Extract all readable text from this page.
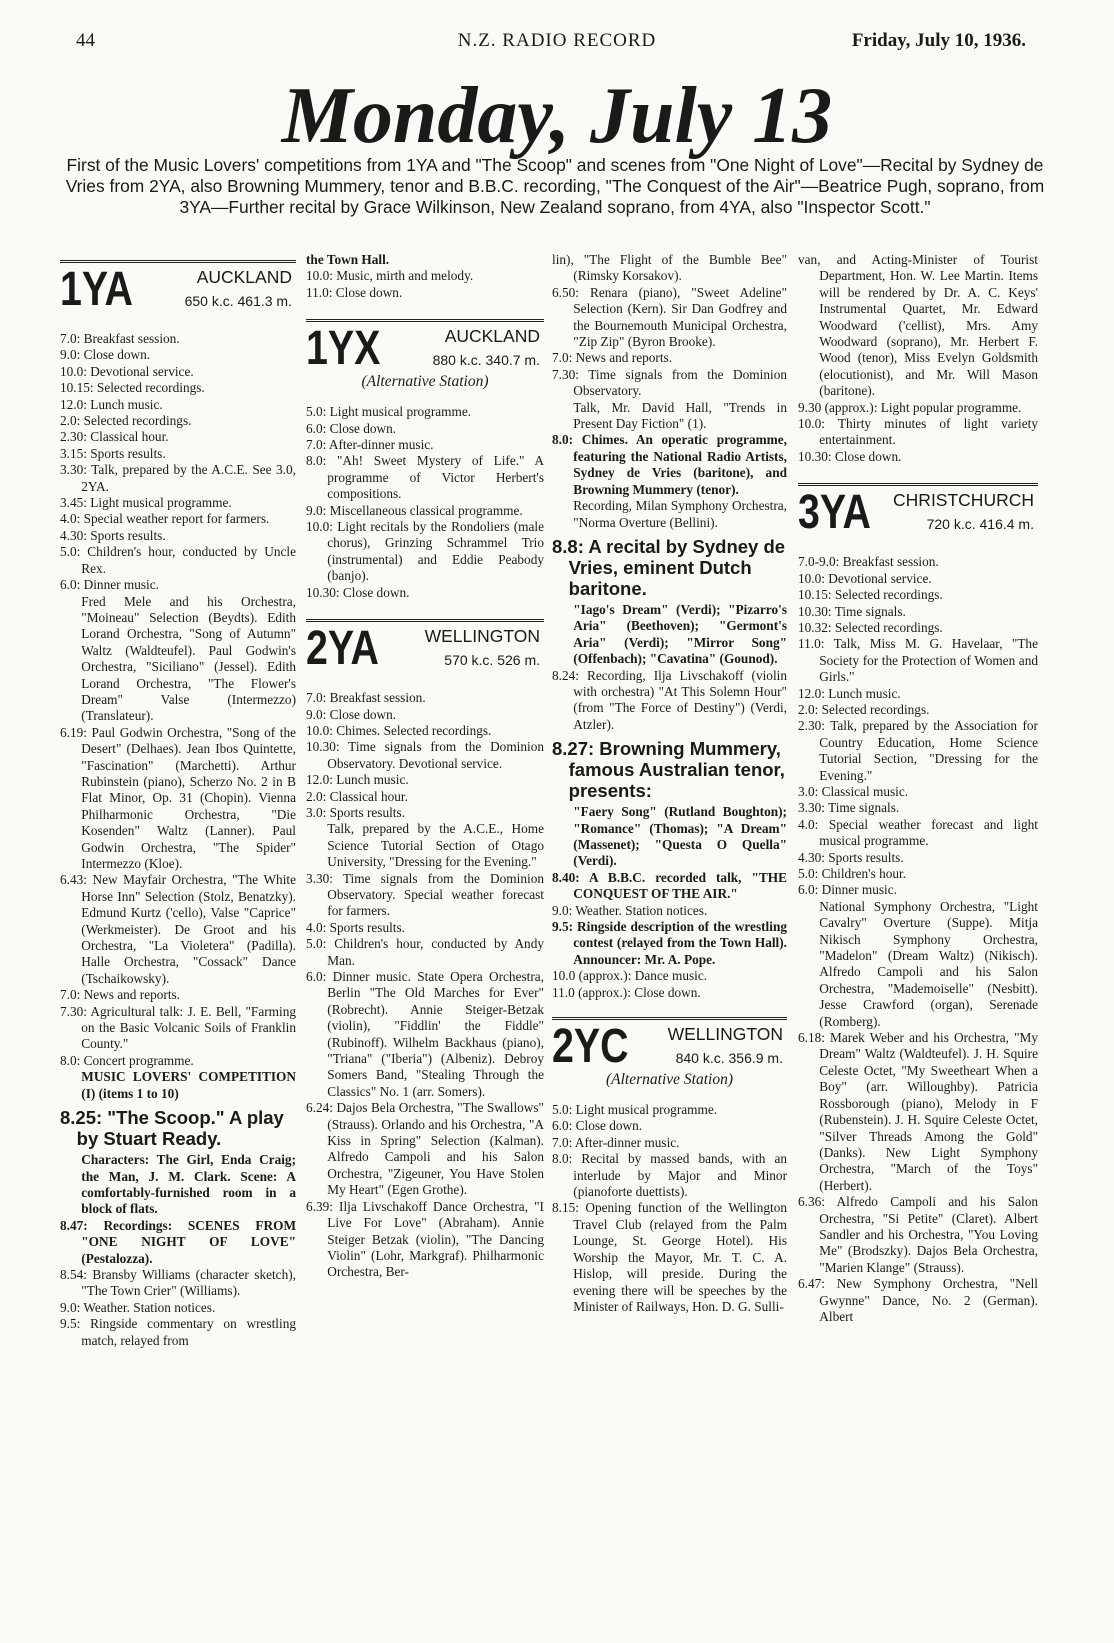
44	N.Z. RADIO RECORD	Friday, July 10, 1936.
Monday, July 13
First of the Music Lovers' competitions from 1YA and "The Scoop" and scenes from "One Night of Love"—Recital by Sydney de Vries from 2YA, also Browning Mummery, tenor and B.B.C. recording, "The Conquest of the Air"—Beatrice Pugh, soprano, from 3YA—Further recital by Grace Wilkinson, New Zealand soprano, from 4YA, also "Inspector Scott."
1YA	AUCKLAND
650 k.c. 461.3 m.

7.0: Breakfast session.

9.0: Close down.

10.0: Devotional service.

10.15: Selected recordings.

12.0: Lunch music.

2.0: Selected recordings.

2.30: Classical hour.

3.15: Sports results.

3.30: Talk, prepared by the A.C.E. See 3.0, 2YA.

3.45: Light musical programme.

4.0: Special weather report for farmers.

4.30: Sports results.

5.0: Children's hour, conducted by Uncle Rex.

6.0: Dinner music.

Fred Mele and his Orchestra, "Moineau" Selection (Beydts). Edith Lorand Orchestra, "Song of Autumn" Waltz (Waldteufel). Paul Godwin's Orchestra, "Siciliano" (Jessel). Edith Lorand Orchestra, "The Flower's Dream" Valse (Intermezzo) (Translateur).

6.19: Paul Godwin Orchestra, "Song of the Desert" (Delhaes). Jean Ibos Quintette, "Fascination" (Marchetti). Arthur Rubinstein (piano), Scherzo No. 2 in B Flat Minor, Op. 31 (Chopin). Vienna Philharmonic Orchestra, "Die Kosenden" Waltz (Lanner). Paul Godwin Orchestra, "The Spider" Intermezzo (Kloe).

6.43: New Mayfair Orchestra, "The White Horse Inn" Selection (Stolz, Benatzky). Edmund Kurtz ('cello), Valse "Caprice" (Werkmeister). De Groot and his Orchestra, "La Violetera" (Padilla). Halle Orchestra, "Cossack" Dance (Tschaikowsky).

7.0: News and reports.

7.30: Agricultural talk: J. E. Bell, "Farming on the Basic Volcanic Soils of Franklin County."

8.0: Concert programme.

MUSIC LOVERS' COMPETITION (I) (items 1 to 10)

8.25: "The Scoop." A play by Stuart Ready.

Characters: The Girl, Enda Craig; the Man, J. M. Clark. Scene: A comfortably-furnished room in a block of flats.

8.47: Recordings: SCENES FROM "ONE NIGHT OF LOVE" (Pestalozza).

8.54: Bransby Williams (character sketch), "The Town Crier" (Williams).

9.0: Weather. Station notices.

9.5: Ringside commentary on wrestling match, relayed from

the Town Hall.

10.0: Music, mirth and melody.

11.0: Close down.

1YX	AUCKLAND
880 k.c. 340.7 m.
(Alternative Station)

5.0: Light musical programme.

6.0: Close down.

7.0: After-dinner music.

8.0: "Ah! Sweet Mystery of Life." A programme of Victor Herbert's compositions.

9.0: Miscellaneous classical programme.

10.0: Light recitals by the Rondoliers (male chorus), Grinzing Schrammel Trio (instrumental) and Eddie Peabody (banjo).

10.30: Close down.

2YA	WELLINGTON
570 k.c. 526 m.

7.0: Breakfast session.

9.0: Close down.

10.0: Chimes. Selected recordings.

10.30: Time signals from the Dominion Observatory. Devotional service.

12.0: Lunch music.

2.0: Classical hour.

3.0: Sports results.

Talk, prepared by the A.C.E., Home Science Tutorial Section of Otago University, "Dressing for the Evening."

3.30: Time signals from the Dominion Observatory. Special weather forecast for farmers.

4.0: Sports results.

5.0: Children's hour, conducted by Andy Man.

6.0: Dinner music. State Opera Orchestra, Berlin "The Old Marches for Ever" (Robrecht). Annie Steiger-Betzak (violin), "Fiddlin' the Fiddle" (Rubinoff). Wilhelm Backhaus (piano), "Triana" ("Iberia") (Albeniz). Debroy Somers Band, "Stealing Through the Classics" No. 1 (arr. Somers).

6.24: Dajos Bela Orchestra, "The Swallows" (Strauss). Orlando and his Orchestra, "A Kiss in Spring" Selection (Kalman). Alfredo Campoli and his Salon Orchestra, "Zigeuner, You Have Stolen My Heart" (Egen Grothe).

6.39: Ilja Livschakoff Dance Orchestra, "I Live For Love" (Abraham). Annie Steiger Betzak (violin), "The Dancing Violin" (Lohr, Markgraf). Philharmonic Orchestra, Ber-

lin), "The Flight of the Bumble Bee" (Rimsky Korsakov).

6.50: Renara (piano), "Sweet Adeline" Selection (Kern). Sir Dan Godfrey and the Bournemouth Municipal Orchestra, "Zip Zip" (Byron Brooke).

7.0: News and reports.

7.30: Time signals from the Dominion Observatory.

Talk, Mr. David Hall, "Trends in Present Day Fiction" (1).

8.0: Chimes. An operatic programme, featuring the National Radio Artists, Sydney de Vries (baritone), and Browning Mummery (tenor).

Recording, Milan Symphony Orchestra, "Norma Overture (Bellini).

8.8: A recital by Sydney de Vries, eminent Dutch baritone.

"Iago's Dream" (Verdi); "Pizarro's Aria" (Beethoven); "Germont's Aria" (Verdi); "Mirror Song" (Offenbach); "Cavatina" (Gounod).

8.24: Recording, Ilja Livschakoff (violin with orchestra) "At This Solemn Hour" (from "The Force of Destiny") (Verdi, Atzler).

8.27: Browning Mummery, famous Australian tenor, presents:

"Faery Song" (Rutland Boughton); "Romance" (Thomas); "A Dream" (Massenet); "Questa O Quella" (Verdi).

8.40: A B.B.C. recorded talk, "THE CONQUEST OF THE AIR."

9.0: Weather. Station notices.

9.5: Ringside description of the wrestling contest (relayed from the Town Hall). Announcer: Mr. A. Pope.

10.0 (approx.): Dance music.

11.0 (approx.): Close down.

2YC WELLINGTON
840 k.c. 356.9 m.
(Alternative Station)

5.0: Light musical programme.

6.0: Close down.

7.0: After-dinner music.

8.0: Recital by massed bands, with an interlude by Major and Minor (pianoforte duettists).

8.15: Opening function of the Wellington Travel Club (relayed from the Palm Lounge, St. George Hotel). His Worship the Mayor, Mr. T. C. A. Hislop, will preside. During the evening there will be speeches by the Minister of Railways, Hon. D. G. Sulli-

van, and Acting-Minister of Tourist Department, Hon. W. Lee Martin. Items will be rendered by Dr. A. C. Keys' Instrumental Quartet, Mr. Edward Woodward ('cellist), Mrs. Amy Woodward (soprano), Mr. Herbert F. Wood (tenor), Miss Evelyn Goldsmith (elocutionist), and Mr. Will Mason (baritone).

9.30 (approx.): Light popular programme.

10.0: Thirty minutes of light variety entertainment.

10.30: Close down.

3YA CHRISTCHURCH
720 k.c. 416.4 m.

7.0-9.0: Breakfast session.

10.0: Devotional service.

10.15: Selected recordings.

10.30: Time signals.

10.32: Selected recordings.

11.0: Talk, Miss M. G. Havelaar, "The Society for the Protection of Women and Girls."

12.0: Lunch music.

2.0: Selected recordings.

2.30: Talk, prepared by the Association for Country Education, Home Science Tutorial Section, "Dressing for the Evening."

3.0: Classical music.

3.30: Time signals.

4.0: Special weather forecast and light musical programme.

4.30: Sports results.

5.0: Children's hour.

6.0: Dinner music.

National Symphony Orchestra, "Light Cavalry" Overture (Suppe). Mitja Nikisch Symphony Orchestra, "Madelon" (Dream Waltz) (Nikisch). Alfredo Campoli and his Salon Orchestra, "Mademoiselle" (Nesbitt). Jesse Crawford (organ), Serenade (Romberg).

6.18: Marek Weber and his Orchestra, "My Dream" Waltz (Waldteufel). J. H. Squire Celeste Octet, "My Sweetheart When a Boy" (arr. Willoughby). Patricia Rossborough (piano), Melody in F (Rubenstein). J. H. Squire Celeste Octet, "Silver Threads Among the Gold" (Danks). New Light Symphony Orchestra, "March of the Toys" (Herbert).

6.36: Alfredo Campoli and his Salon Orchestra, "Si Petite" (Claret). Albert Sandler and his Orchestra, "You Loving Me" (Brodszky). Dajos Bela Orchestra, "Marien Klange" (Strauss).

6.47: New Symphony Orchestra, "Nell Gwynne" Dance, No. 2 (German). Albert
